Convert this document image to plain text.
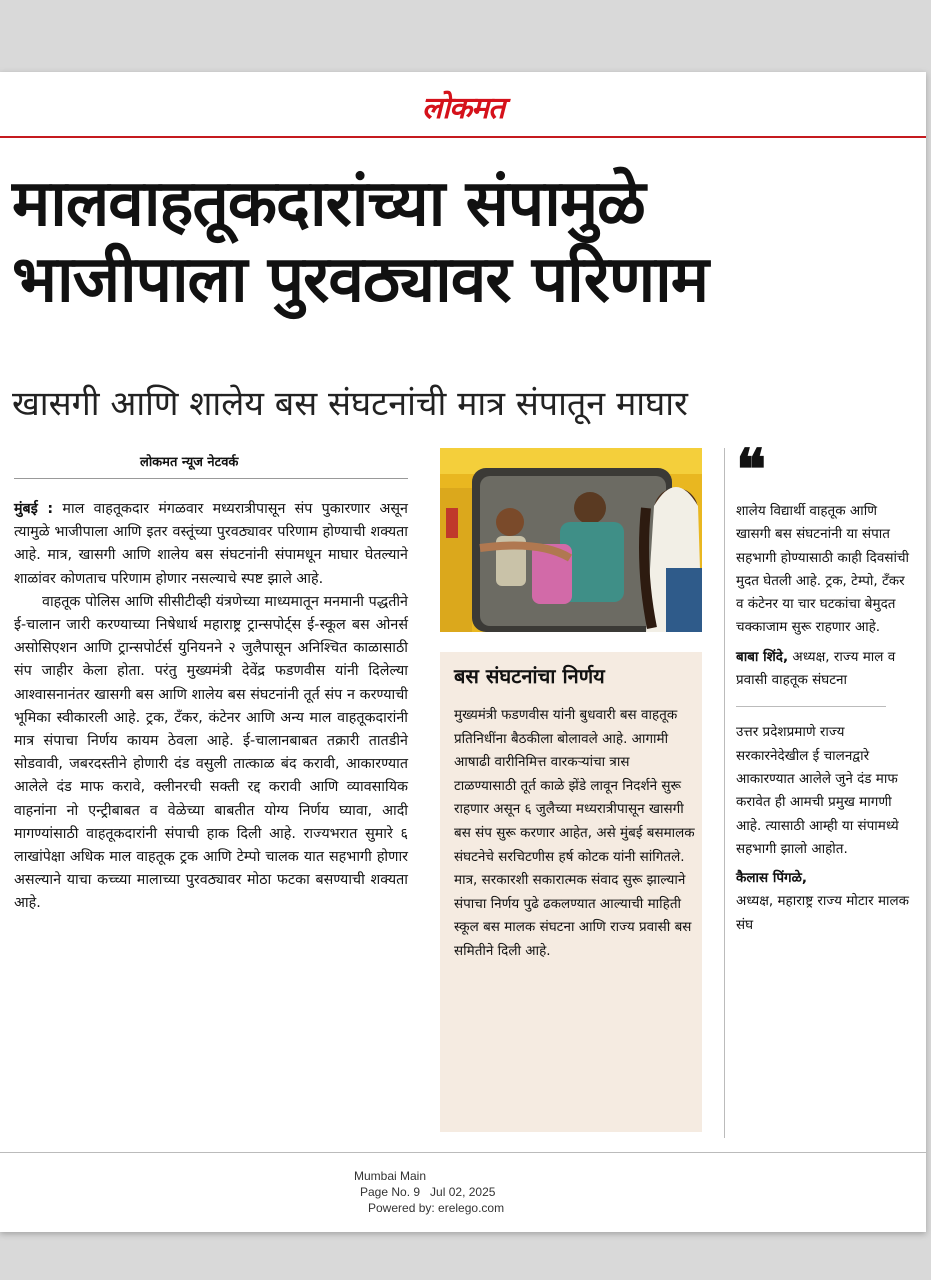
लोकमत
मालवाहतूकदारांच्या संपामुळे
भाजीपाला पुरवठ्यावर परिणाम
खासगी आणि शालेय बस संघटनांची मात्र संपातून माघार
लोकमत न्यूज नेटवर्क

मुंबई : माल वाहतूकदार मंगळवार मध्यरात्रीपासून संप पुकारणार असून त्यामुळे भाजीपाला आणि इतर वस्तूंच्या पुरवठ्यावर परिणाम होण्याची शक्यता आहे. मात्र, खासगी आणि शालेय बस संघटनांनी संपामधून माघार घेतल्याने शाळांवर कोणताच परिणाम होणार नसल्याचे स्पष्ट झाले आहे.

वाहतूक पोलिस आणि सीसीटीव्ही यंत्रणेच्या माध्यमातून मनमानी पद्धतीने ई-चालान जारी करण्याच्या निषेधार्थ महाराष्ट्र ट्रान्सपोर्ट्स ई-स्कूल बस ओनर्स असोसिएशन आणि ट्रान्सपोर्टर्स युनियनने २ जुलैपासून अनिश्चित काळासाठी संप जाहीर केला होता. परंतु मुख्यमंत्री देवेंद्र फडणवीस यांनी दिलेल्या आश्वासनानंतर खासगी बस आणि शालेय बस संघटनांनी तूर्त संप न करण्याची भूमिका स्वीकारली आहे. ट्रक, टँकर, कंटेनर आणि अन्य माल वाहतूकदारांनी मात्र संपाचा निर्णय कायम ठेवला आहे. ई-चालानबाबत तक्रारी तातडीने सोडवावी, जबरदस्तीने होणारी दंड वसुली तात्काळ बंद करावी, आकारण्यात आलेले दंड माफ करावे, क्लीनरची सक्ती रद्द करावी आणि व्यावसायिक वाहनांना नो एन्ट्रीबाबत व वेळेच्या बाबतीत योग्य निर्णय घ्यावा, आदी मागण्यांसाठी वाहतूकदारांनी संपाची हाक दिली आहे. राज्यभरात सुमारे ६ लाखांपेक्षा अधिक माल वाहतूक ट्रक आणि टेम्पो चालक यात सहभागी होणार असल्याने याचा कच्च्या मालाच्या पुरवठ्यावर मोठा फटका बसण्याची शक्यता आहे.

बस संघटनांचा निर्णय
मुख्यमंत्री फडणवीस यांनी बुधवारी बस वाहतूक प्रतिनिधींना बैठकीला बोलावले आहे. आगामी आषाढी वारीनिमित्त वारकऱ्यांचा त्रास टाळण्यासाठी तूर्त काळे झेंडे लावून निदर्शने सुरू राहणार असून ६ जुलैच्या मध्यरात्रीपासून खासगी बस संप सुरू करणार आहेत, असे मुंबई बसमालक संघटनेचे सरचिटणीस हर्ष कोटक यांनी सांगितले. मात्र, सरकारशी सकारात्मक संवाद सुरू झाल्याने संपाचा निर्णय पुढे ढकलण्यात आल्याची माहिती स्कूल बस मालक संघटना आणि राज्य प्रवासी बस समितीने दिली आहे.
❝
शालेय विद्यार्थी वाहतूक आणि खासगी बस संघटनांनी या संपात सहभागी होण्यासाठी काही दिवसांची मुदत घेतली आहे. ट्रक, टेम्पो, टँकर व कंटेनर या चार घटकांचा बेमुदत चक्काजाम सुरू राहणार आहे.
बाबा शिंदे, अध्यक्ष, राज्य माल व प्रवासी वाहतूक संघटना
उत्तर प्रदेशप्रमाणे राज्य सरकारनेदेखील ई चालनद्वारे आकारण्यात आलेले जुने दंड माफ करावेत ही आमची प्रमुख मागणी आहे. त्यासाठी आम्ही या संपामध्ये सहभागी झालो आहोत.
कैलास पिंगळे,
अध्यक्ष, महाराष्ट्र राज्य मोटार मालक संघ
Mumbai Main
Page No. 9   Jul 02, 2025
Powered by: erelego.com
